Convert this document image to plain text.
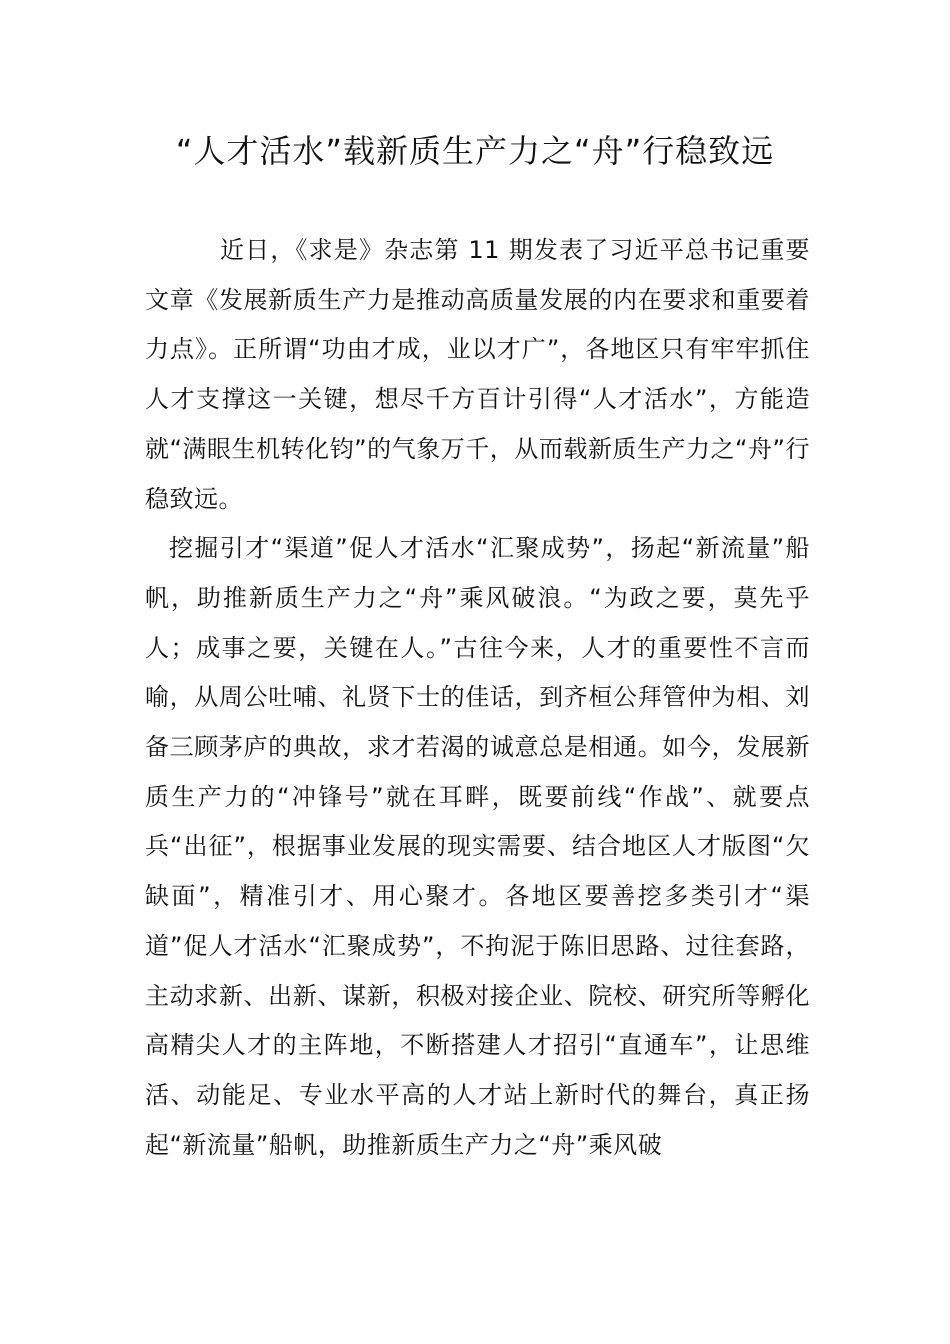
“人才活水”载新质生产力之“舟”行稳致远

近日，《求是》杂志第 11 期发表了习近平总书记重要文章《发展新质生产力是推动高质量发展的内在要求和重要着力点》。正所谓“功由才成，业以才广”，各地区只有牢牢抓住人才支撑这一关键，想尽千方百计引得“人才活水”，方能造就“满眼生机转化钧”的气象万千，从而载新质生产力之“舟”行稳致远。

挖掘引才“渠道”促人才活水“汇聚成势”，扬起“新流量”船帆，助推新质生产力之“舟”乘风破浪。“为政之要，莫先乎人；成事之要，关键在人。”古往今来，人才的重要性不言而喻，从周公吐哺、礼贤下士的佳话，到齐桓公拜管仲为相、刘备三顾茅庐的典故，求才若渴的诚意总是相通。如今，发展新质生产力的“冲锋号”就在耳畔，既要前线“作战”、就要点兵“出征”，根据事业发展的现实需要、结合地区人才版图“欠缺面”，精准引才、用心聚才。各地区要善挖多类引才“渠道”促人才活水“汇聚成势”，不拘泥于陈旧思路、过往套路，主动求新、出新、谋新，积极对接企业、院校、研究所等孵化高精尖人才的主阵地，不断搭建人才招引“直通车”，让思维活、动能足、专业水平高的人才站上新时代的舞台，真正扬起“新流量”船帆，助推新质生产力之“舟”乘风破
